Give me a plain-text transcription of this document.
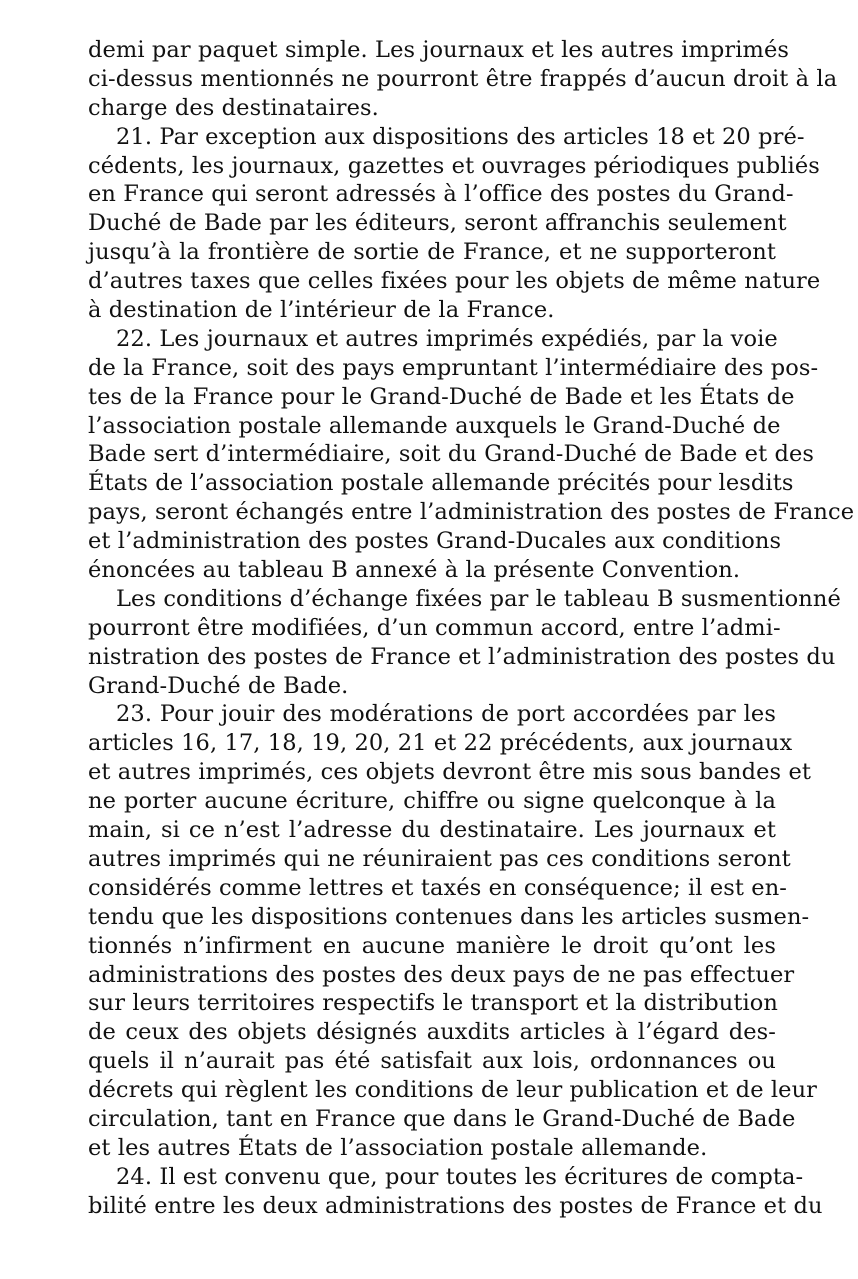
demi par paquet simple. Les journaux et les autres imprimés
ci-dessus mentionnés ne pourront être frappés d’aucun droit à la
charge des destinataires.
21. Par exception aux dispositions des articles 18 et 20 pré-
cédents, les journaux, gazettes et ouvrages périodiques publiés
en France qui seront adressés à l’office des postes du Grand-
Duché de Bade par les éditeurs, seront affranchis seulement
jusqu’à la frontière de sortie de France, et ne supporteront
d’autres taxes que celles fixées pour les objets de même nature
à destination de l’intérieur de la France.
22. Les journaux et autres imprimés expédiés, par la voie
de la France, soit des pays empruntant l’intermédiaire des pos-
tes de la France pour le Grand-Duché de Bade et les États de
l’association postale allemande auxquels le Grand-Duché de
Bade sert d’intermédiaire, soit du Grand-Duché de Bade et des
États de l’association postale allemande précités pour lesdits
pays, seront échangés entre l’administration des postes de France
et l’administration des postes Grand-Ducales aux conditions
énoncées au tableau B annexé à la présente Convention.
Les conditions d’échange fixées par le tableau B susmentionné
pourront être modifiées, d’un commun accord, entre l’admi-
nistration des postes de France et l’administration des postes du
Grand-Duché de Bade.
23. Pour jouir des modérations de port accordées par les
articles 16, 17, 18, 19, 20, 21 et 22 précédents, aux journaux
et autres imprimés, ces objets devront être mis sous bandes et
ne porter aucune écriture, chiffre ou signe quelconque à la
main, si ce n’est l’adresse du destinataire. Les journaux et
autres imprimés qui ne réuniraient pas ces conditions seront
considérés comme lettres et taxés en conséquence; il est en-
tendu que les dispositions contenues dans les articles susmen-
tionnés n’infirment en aucune manière le droit qu’ont les
administrations des postes des deux pays de ne pas effectuer
sur leurs territoires respectifs le transport et la distribution
de ceux des objets désignés auxdits articles à l’égard des-
quels il n’aurait pas été satisfait aux lois, ordonnances ou
décrets qui règlent les conditions de leur publication et de leur
circulation, tant en France que dans le Grand-Duché de Bade
et les autres États de l’association postale allemande.
24. Il est convenu que, pour toutes les écritures de compta-
bilité entre les deux administrations des postes de France et du
